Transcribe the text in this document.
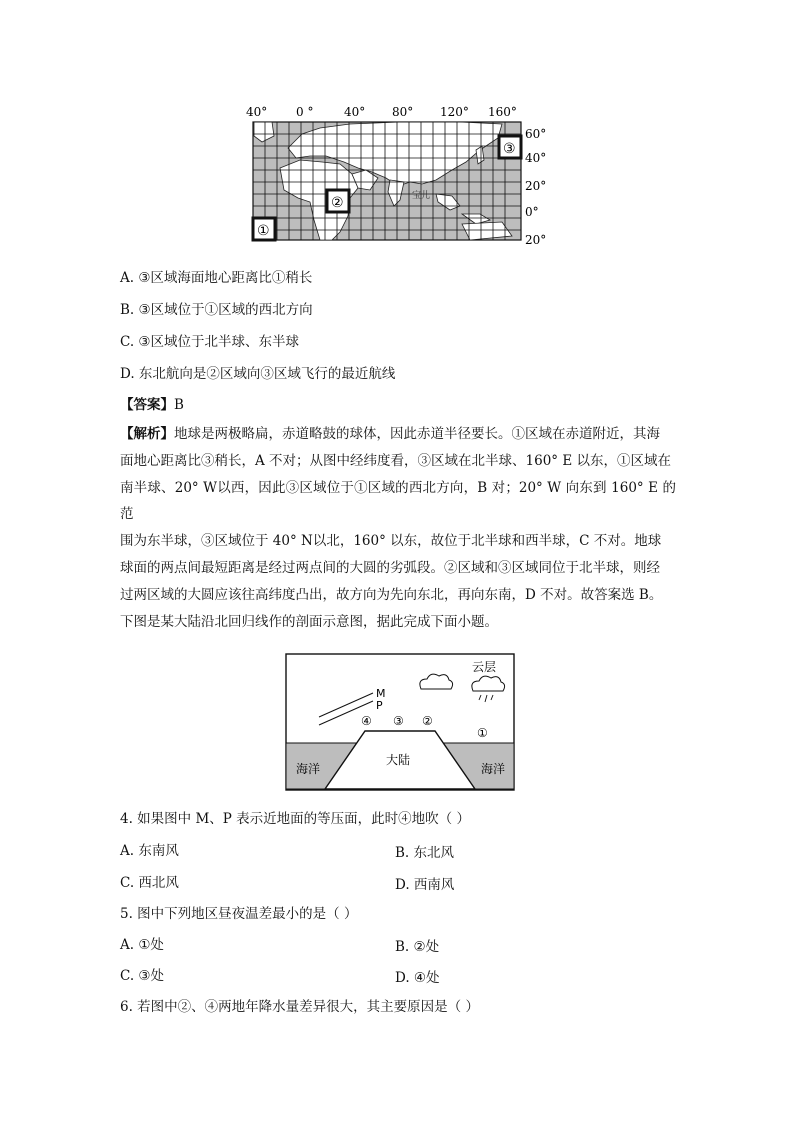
40° 0 °	40° 80° 120° 160°
宝儿
①
②
③
60°
40°
20°
0°
20°
A. ③区域海面地心距离比①稍长
B. ③区域位于①区域的西北方向
C. ③区域位于北半球、东半球
D. 东北航向是②区域向③区域飞行的最近航线
【答案】B
【解析】地球是两极略扁，赤道略鼓的球体，因此赤道半径要长。①区域在赤道附近，其海
面地心距离比③稍长，A 不对；从图中经纬度看，③区域在北半球、160° E 以东，①区域在
南半球、20° W以西，因此③区域位于①区域的西北方向，B 对；20° W 向东到 160° E 的范
围为东半球，③区域位于 40° N以北，160° 以东，故位于北半球和西半球，C 不对。地球
球面的两点间最短距离是经过两点间的大圆的劣弧段。②区域和③区域同位于北半球，则经
过两区域的大圆应该往高纬度凸出，故方向为先向东北，再向东南，D 不对。故答案选 B。
下图是某大陆沿北回归线作的剖面示意图，据此完成下面小题。
M
P
④ ③ ②
①
云层
大陆
海洋	海洋
4. 如果图中 M、P 表示近地面的等压面，此时④地吹（ ）
A. 东南风	B. 东北风
C. 西北风	D. 西南风
5. 图中下列地区昼夜温差最小的是（ ）
A. ①处	B. ②处
C. ③处	D. ④处
6. 若图中②、④两地年降水量差异很大，其主要原因是（ ）
